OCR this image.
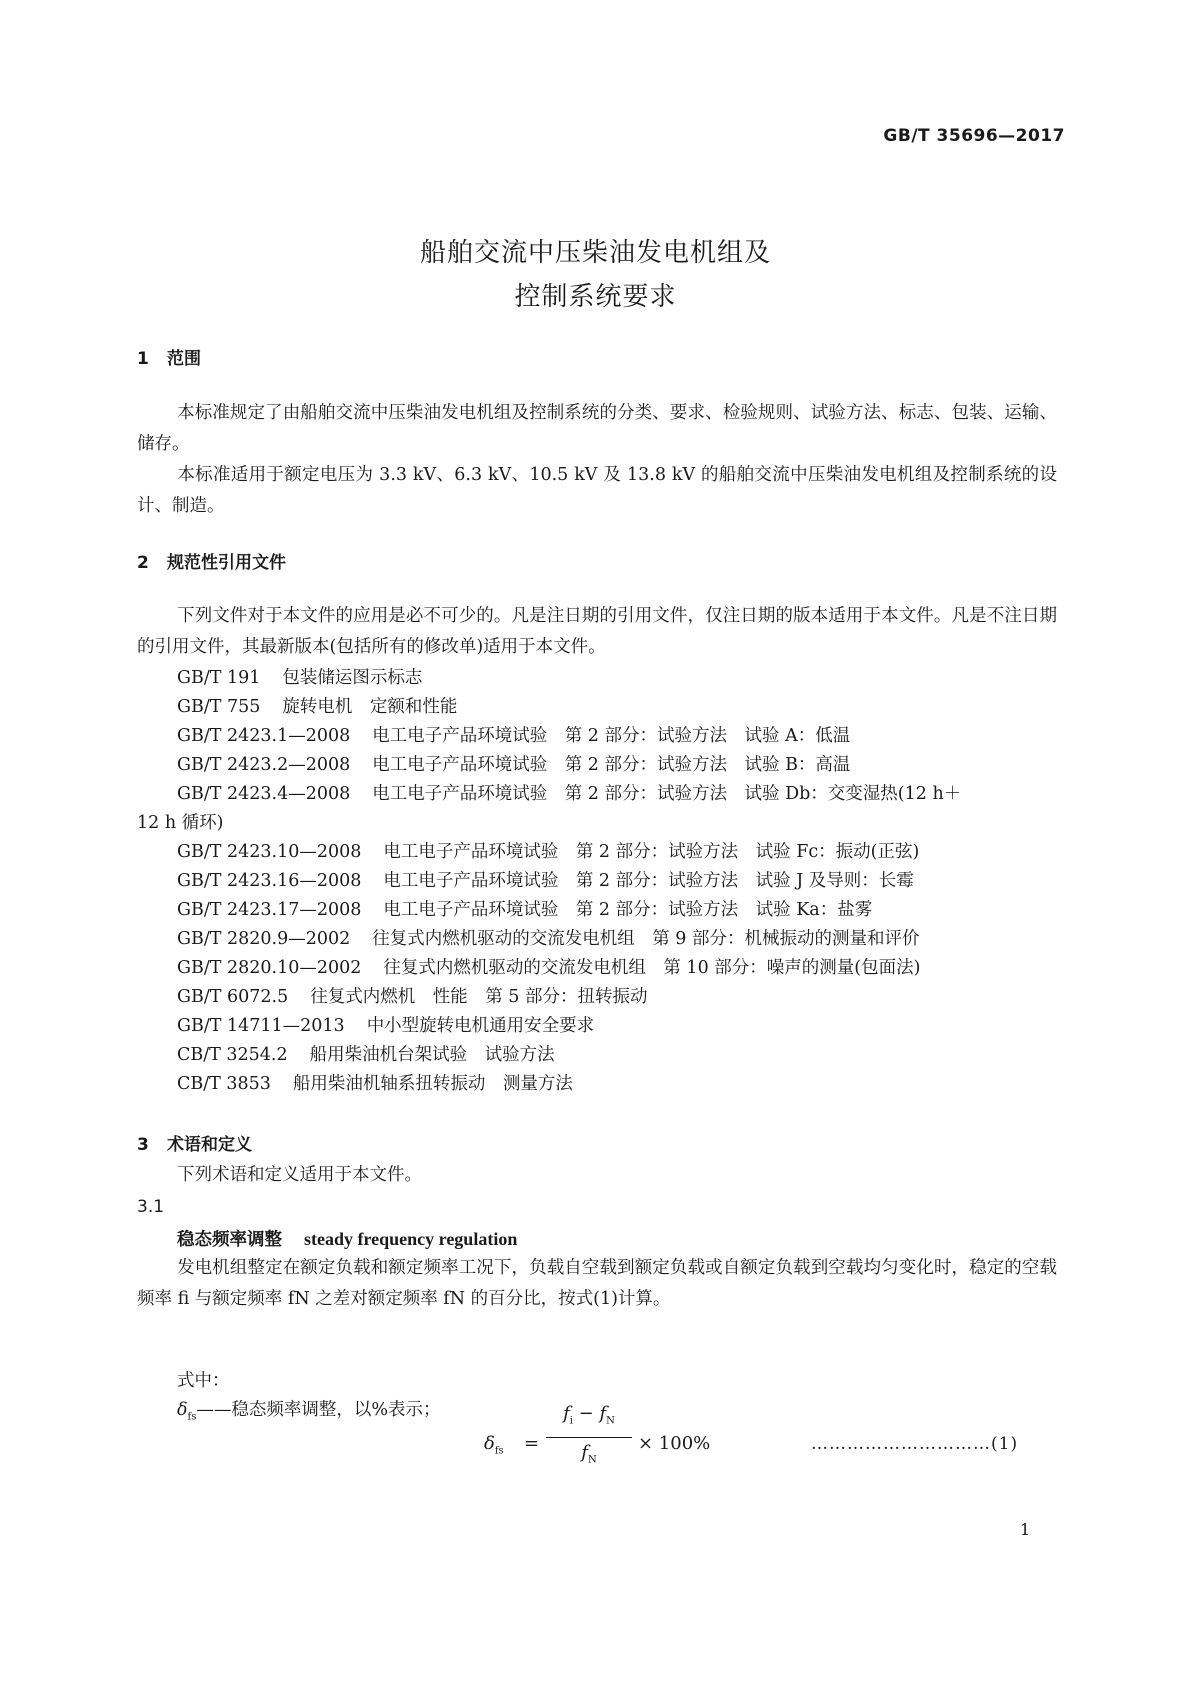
GB/T 35696—2017
船舶交流中压柴油发电机组及
控制系统要求
1 范围
本标准规定了由船舶交流中压柴油发电机组及控制系统的分类、要求、检验规则、试验方法、标志、包装、运输、储存。
本标准适用于额定电压为 3.3 kV、6.3 kV、10.5 kV 及 13.8 kV 的船舶交流中压柴油发电机组及控制系统的设计、制造。
2 规范性引用文件
下列文件对于本文件的应用是必不可少的。凡是注日期的引用文件，仅注日期的版本适用于本文件。凡是不注日期的引用文件，其最新版本(包括所有的修改单)适用于本文件。
GB/T 191 包装储运图示标志
GB/T 755 旋转电机　定额和性能
GB/T 2423.1—2008 电工电子产品环境试验　第 2 部分：试验方法　试验 A：低温
GB/T 2423.2—2008 电工电子产品环境试验　第 2 部分：试验方法　试验 B：高温
GB/T 2423.4—2008 电工电子产品环境试验　第 2 部分：试验方法　试验 Db：交变湿热(12 h＋
12 h 循环)
GB/T 2423.10—2008 电工电子产品环境试验　第 2 部分：试验方法　试验 Fc：振动(正弦)
GB/T 2423.16—2008 电工电子产品环境试验　第 2 部分：试验方法　试验 J 及导则：长霉
GB/T 2423.17—2008 电工电子产品环境试验　第 2 部分：试验方法　试验 Ka：盐雾
GB/T 2820.9—2002 往复式内燃机驱动的交流发电机组　第 9 部分：机械振动的测量和评价
GB/T 2820.10—2002 往复式内燃机驱动的交流发电机组　第 10 部分：噪声的测量(包面法)
GB/T 6072.5 往复式内燃机　性能　第 5 部分：扭转振动
GB/T 14711—2013 中小型旋转电机通用安全要求
CB/T 3254.2 船用柴油机台架试验　试验方法
CB/T 3853 船用柴油机轴系扭转振动　测量方法
3 术语和定义
下列术语和定义适用于本文件。
3.1
稳态频率调整 steady frequency regulation
发电机组整定在额定负载和额定频率工况下，负载自空载到额定负载或自额定负载到空载均匀变化时，稳定的空载频率 fi 与额定频率 fN 之差对额定频率 fN 的百分比，按式(1)计算。
$\delta_{fs}$ =
$f_i - f_N$
$f_N$
× 100%	…………………………(1)
式中：
$\delta_{fs}——$稳态频率调整，以%表示；
1
